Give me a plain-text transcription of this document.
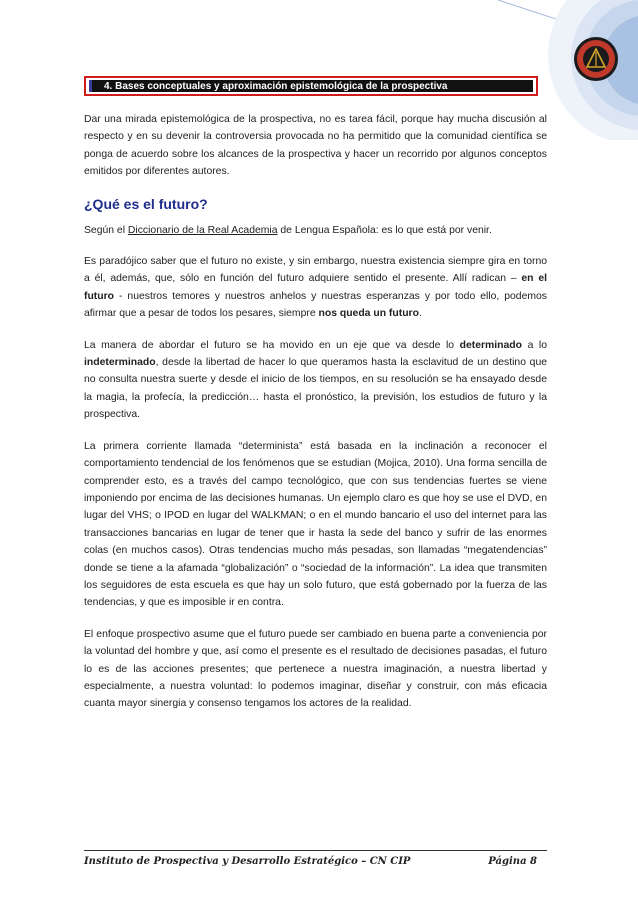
4. Bases conceptuales y aproximación epistemológica de la prospectiva

Dar una mirada epistemológica de la prospectiva, no es tarea fácil, porque hay mucha discusión al respecto y en su devenir la controversia provocada no ha permitido que la comunidad científica se ponga de acuerdo sobre los alcances de la prospectiva y hacer un recorrido por algunos conceptos emitidos por diferentes autores.

¿Qué es el futuro?

Según el Diccionario de la Real Academia de Lengua Española: es lo que está por venir.

Es paradójico saber que el futuro no existe, y sin embargo, nuestra existencia siempre gira en torno a él, además, que, sólo en función del futuro adquiere sentido el presente. Allí radican – en el futuro - nuestros temores y nuestros anhelos y nuestras esperanzas y por todo ello, podemos afirmar que a pesar de todos los pesares, siempre nos queda un futuro.

La manera de abordar el futuro se ha movido en un eje que va desde lo determinado a lo indeterminado, desde la libertad de hacer lo que queramos hasta la esclavitud de un destino que no consulta nuestra suerte y desde el inicio de los tiempos, en su resolución se ha ensayado desde la magia, la profecía, la predicción… hasta el pronóstico, la previsión, los estudios de futuro y la prospectiva.

La primera corriente llamada “determinista” está basada en la inclinación a reconocer el comportamiento tendencial de los fenómenos que se estudian (Mojica, 2010). Una forma sencilla de comprender esto, es a través del campo tecnológico, que con sus tendencias fuertes se viene imponiendo por encima de las decisiones humanas. Un ejemplo claro es que hoy se use el DVD, en lugar del VHS; o IPOD en lugar del WALKMAN; o en el mundo bancario el uso del internet para las transacciones bancarias en lugar de tener que ir hasta la sede del banco y sufrir de las enormes colas (en muchos casos). Otras tendencias mucho más pesadas, son llamadas “megatendencias” donde se tiene a la afamada “globalización” o “sociedad de la información”. La idea que transmiten los seguidores de esta escuela es que hay un solo futuro, que está gobernado por la fuerza de las tendencias, y que es imposible ir en contra.

El enfoque prospectivo asume que el futuro puede ser cambiado en buena parte a conveniencia por la voluntad del hombre y que, así como el presente es el resultado de decisiones pasadas, el futuro lo es de las acciones presentes; que pertenece a nuestra imaginación, a nuestra libertad y especialmente, a nuestra voluntad: lo podemos imaginar, diseñar y construir, con más eficacia cuanta mayor sinergia y consenso tengamos los actores de la realidad.

Instituto de Prospectiva y Desarrollo Estratégico – CN CIP	Página 8
